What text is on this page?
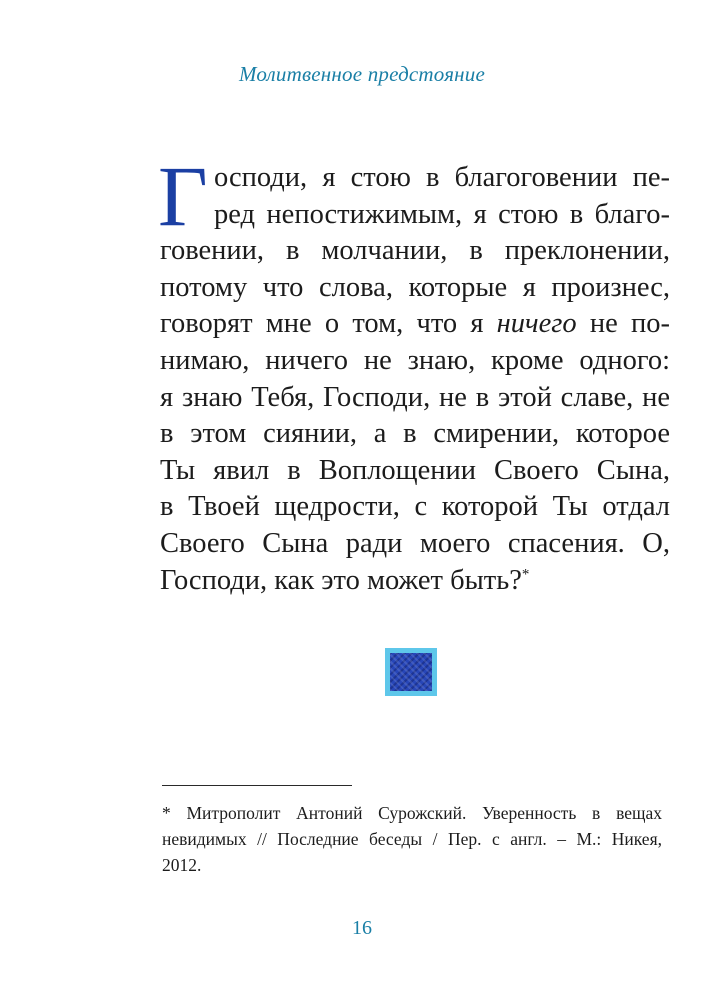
Молитвенное предстояние
Г осподи, я стою в благоговении пе-
ред непостижимым, я стою в благо-
говении, в молчании, в преклонении,
потому что слова, которые я произнес,
говорят мне о том, что я ничего не по-
нимаю, ничего не знаю, кроме одного:
я знаю Тебя, Господи, не в этой славе, не
в этом сиянии, а в смирении, которое
Ты явил в Воплощении Своего Сына,
в Твоей щедрости, с которой Ты отдал
Своего Сына ради моего спасения. О,
Господи, как это может быть?*
* Митрополит Антоний Сурожский. Уверенность в вещах
невидимых // Последние беседы / Пер. с англ. – М.: Никея,
2012.
16
